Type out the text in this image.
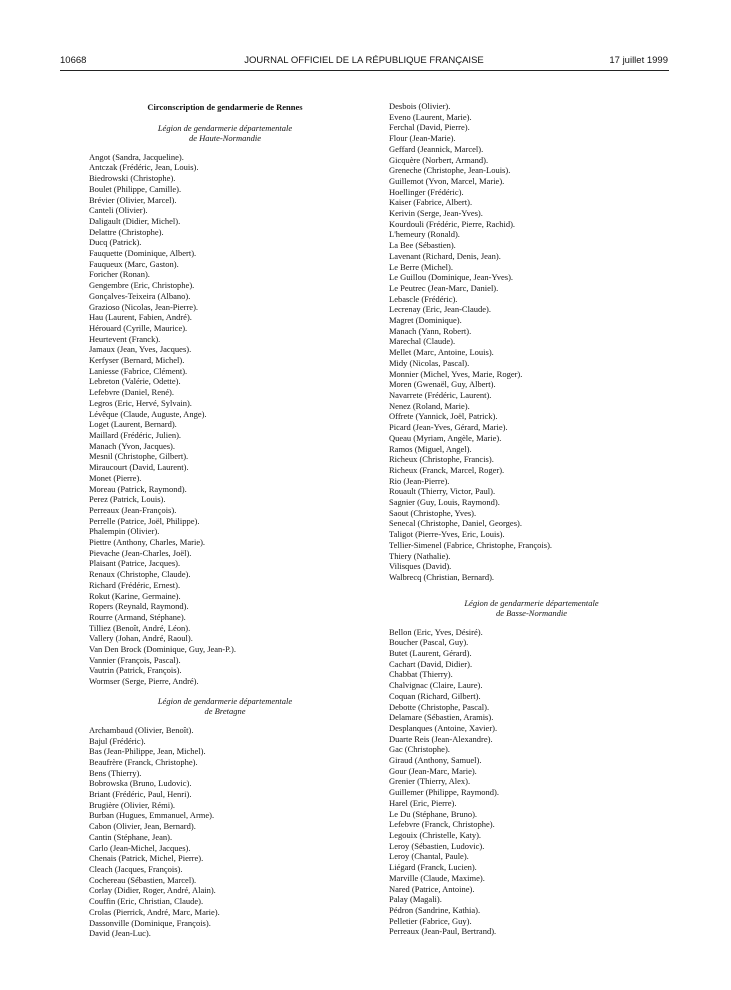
10668	JOURNAL OFFICIEL DE LA RÉPUBLIQUE FRANÇAISE	17 juillet 1999
Circonscription de gendarmerie de Rennes
Légion de gendarmerie départementale
de Haute-Normandie
Angot (Sandra, Jacqueline).
Antczak (Frédéric, Jean, Louis).
Biedrowski (Christophe).
Boulet (Philippe, Camille).
Brévier (Olivier, Marcel).
Canteli (Olivier).
Daligault (Didier, Michel).
Delattre (Christophe).
Ducq (Patrick).
Fauquette (Dominique, Albert).
Fauqueux (Marc, Gaston).
Foricher (Ronan).
Gengembre (Eric, Christophe).
Gonçalves-Teixeira (Albano).
Grazioso (Nicolas, Jean-Pierre).
Hau (Laurent, Fabien, André).
Hérouard (Cyrille, Maurice).
Heurtevent (Franck).
Jamaux (Jean, Yves, Jacques).
Kerfyser (Bernard, Michel).
Laniesse (Fabrice, Clément).
Lebreton (Valérie, Odette).
Lefebvre (Daniel, René).
Legros (Eric, Hervé, Sylvain).
Lévêque (Claude, Auguste, Ange).
Loget (Laurent, Bernard).
Maillard (Frédéric, Julien).
Manach (Yvon, Jacques).
Mesnil (Christophe, Gilbert).
Miraucourt (David, Laurent).
Monet (Pierre).
Moreau (Patrick, Raymond).
Perez (Patrick, Louis).
Perreaux (Jean-François).
Perrelle (Patrice, Joël, Philippe).
Phalempin (Olivier).
Piettre (Anthony, Charles, Marie).
Pievache (Jean-Charles, Joël).
Plaisant (Patrice, Jacques).
Renaux (Christophe, Claude).
Richard (Frédéric, Ernest).
Rokut (Karine, Germaine).
Ropers (Reynald, Raymond).
Rourre (Armand, Stéphane).
Tilliez (Benoît, André, Léon).
Vallery (Johan, André, Raoul).
Van Den Brock (Dominique, Guy, Jean-P.).
Vannier (François, Pascal).
Vautrin (Patrick, François).
Wormser (Serge, Pierre, André).
Légion de gendarmerie départementale
de Bretagne
Archambaud (Olivier, Benoît).
Bajul (Frédéric).
Bas (Jean-Philippe, Jean, Michel).
Beaufrère (Franck, Christophe).
Bens (Thierry).
Bobrowska (Bruno, Ludovic).
Briant (Frédéric, Paul, Henri).
Brugière (Olivier, Rémi).
Burban (Hugues, Emmanuel, Arme).
Cabon (Olivier, Jean, Bernard).
Cantin (Stéphane, Jean).
Carlo (Jean-Michel, Jacques).
Chenais (Patrick, Michel, Pierre).
Cleach (Jacques, François).
Cochereau (Sébastien, Marcel).
Corlay (Didier, Roger, André, Alain).
Couffin (Eric, Christian, Claude).
Crolas (Pierrick, André, Marc, Marie).
Dassonville (Dominique, François).
David (Jean-Luc).
Desbois (Olivier).
Eveno (Laurent, Marie).
Ferchal (David, Pierre).
Flour (Jean-Marie).
Geffard (Jeannick, Marcel).
Gicquère (Norbert, Armand).
Greneche (Christophe, Jean-Louis).
Guillemot (Yvon, Marcel, Marie).
Hoellinger (Frédéric).
Kaiser (Fabrice, Albert).
Kerivin (Serge, Jean-Yves).
Kourdouli (Frédéric, Pierre, Rachid).
L'hemeury (Ronald).
La Bee (Sébastien).
Lavenant (Richard, Denis, Jean).
Le Berre (Michel).
Le Guillou (Dominique, Jean-Yves).
Le Peutrec (Jean-Marc, Daniel).
Lebascle (Frédéric).
Lecrenay (Eric, Jean-Claude).
Magret (Dominique).
Manach (Yann, Robert).
Marechal (Claude).
Mellet (Marc, Antoine, Louis).
Midy (Nicolas, Pascal).
Monnier (Michel, Yves, Marie, Roger).
Moren (Gwenaël, Guy, Albert).
Navarrete (Frédéric, Laurent).
Nenez (Roland, Marie).
Offrete (Yannick, Joël, Patrick).
Picard (Jean-Yves, Gérard, Marie).
Queau (Myriam, Angèle, Marie).
Ramos (Miguel, Angel).
Richeux (Christophe, Francis).
Richeux (Franck, Marcel, Roger).
Rio (Jean-Pierre).
Rouault (Thierry, Victor, Paul).
Sagnier (Guy, Louis, Raymond).
Saout (Christophe, Yves).
Senecal (Christophe, Daniel, Georges).
Taligot (Pierre-Yves, Eric, Louis).
Tellier-Simenel (Fabrice, Christophe, François).
Thiery (Nathalie).
Vilisques (David).
Walbrecq (Christian, Bernard).
Légion de gendarmerie départementale
de Basse-Normandie
Bellon (Eric, Yves, Désiré).
Boucher (Pascal, Guy).
Butet (Laurent, Gérard).
Cachart (David, Didier).
Chabbat (Thierry).
Chalvignac (Claire, Laure).
Coquan (Richard, Gilbert).
Debotte (Christophe, Pascal).
Delamare (Sébastien, Aramis).
Desplanques (Antoine, Xavier).
Duarte Reis (Jean-Alexandre).
Gac (Christophe).
Giraud (Anthony, Samuel).
Gour (Jean-Marc, Marie).
Grenier (Thierry, Alex).
Guillemer (Philippe, Raymond).
Harel (Eric, Pierre).
Le Du (Stéphane, Bruno).
Lefebvre (Franck, Christophe).
Legouix (Christelle, Katy).
Leroy (Sébastien, Ludovic).
Leroy (Chantal, Paule).
Liégard (Franck, Lucien).
Marville (Claude, Maxime).
Nared (Patrice, Antoine).
Palay (Magali).
Pédron (Sandrine, Kathia).
Pelletier (Fabrice, Guy).
Perreaux (Jean-Paul, Bertrand).
